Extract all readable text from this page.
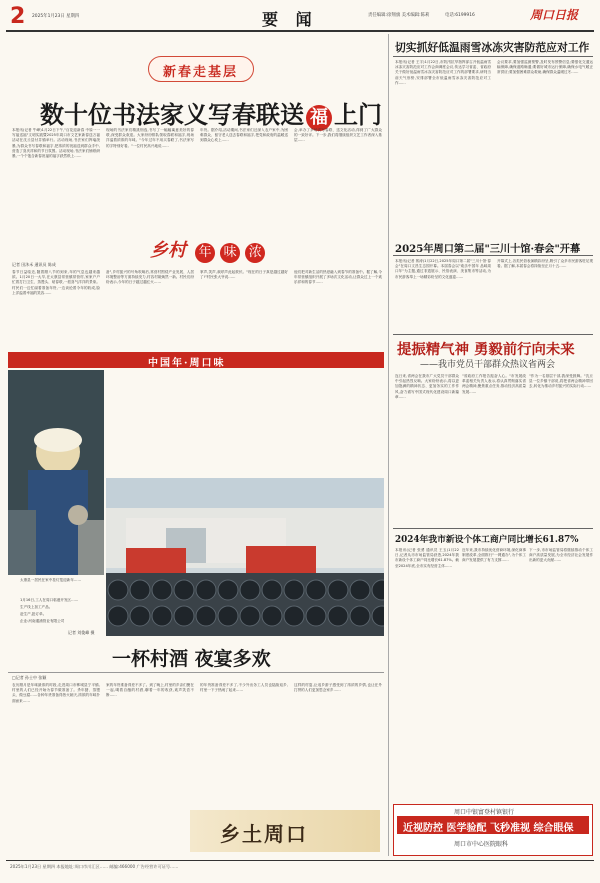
2 2025年1月23日 星期四	要 闻	责任编辑:徐翔旗 美术编辑:陈莉	电话:6199916	周口日报
新春走基层
数十位书法家义写春联送 福 上门
本报讯(记者 牛峰)1月22日下午,"百花迎新春 中原一一写福送福"文明实践暨2025年周口市文艺家新春送万福活动在沈丘县付井镇举行。活动现场,书法家们挥毫泼墨,为群众书写春联和福字,把浓浓的祝福送到群众手中,营造了喜庆祥和的节日氛围。活动现场,书法家们铺纸研墨,一个个饱含新春祝福的福字跃然纸上……
现场的书法家们精挑细选,书写了一幅幅寓意美好的春联,深受群众欢迎。大家纷纷排队领取春联和福字,现场洋溢着浓浓的年味。"今年过年不用买春联了,书法家写的字特别好看。"一位村民高兴地说……
年货。据介绍,活动期间,书法家们还深入农户家中,为困难群众、留守老人送去春联和福字,把党和政府的温暖送到群众心坎上……
会,举办了多场次写春联、送文化活动,得到了广大群众的一致好评。下一步,我们将继续组织文艺工作者深入基层……
乡村 年 味 浓
记者 田沐禾 通讯员 陈成
春节日益临近,随着腊八节的到来,年的气息也越来越浓。1月20日一大早,在太康县常营镇常营村,家家户户忙着打扫卫生、蒸馒头、贴春联,一派喜气洋洋的景象。村民们一边忙碌着准备年货,一边谈论着今年的收成,脸上洋溢着幸福的笑容……
备",乡村振兴的号角吹响后,常营村围绕产业发展、人居环境整治等方面持续发力,村容村貌焕然一新。村民们纷纷表示,今年的日子越过越红火……
掌声,笑声,欢呼声此起彼伏。"现在的日子真是越过越好了!"村民张大爷说……
他们把对新生活的热爱融入到春节的准备中。据了解,今年常营镇组织开展了多场次文化活动,让群众过上一个欢乐祥和的春节……
中国年·周口味
太康县一居民在家中挂灯笼迎新年……
1月16日,工人在周口临港开发区……
生产线上加工产品。
赶生产,抢订单。
企业:河南通浦管业有限公司
记者 刘俊峰 摄
一杯村酒 夜宴多欢
□记者 孙士中 张颖
农历腊月是年味最浓的时段,走进周口市郸城县宁平镇,村里的人们已经开始为春节做准备了。杀年猪、蒸馒头、做豆腐……各种年货准备得热火朝天,浓浓的年味扑面而来……
家的年货准备得差不多了。到了晚上,村里的乡亲们聚在一起,喝着自酿的村酒,聊着一年的收获,欢声笑语不断……
的年货准备得差不多了,不少外出务工人员也陆续返乡,村里一下子热闹了起来……
这样的村宴,让返乡游子感受到了浓浓的乡情,也让在外打拼的人们更加思念家乡……
乡土周口
切实抓好低温雨雪冰冻灾害防范应对工作
本报讯(记者 王宇)1月22日,市防汛抗旱指挥部召开低温雨雪冰冻灾害防范应对工作会商调度会议,传达学习省委、省政府关于做好低温雨雪冰冻灾害防范应对工作的部署要求,研判当前天气形势,安排部署全市低温雨雪冰冻灾害防范应对工作……
会议要求,要加强监测预警,及时发布预警信息;要强化交通运输保障,确保道路畅通;要做好城市运行保障,确保水电气暖正常供应;要加强困难群众救助,确保群众温暖过冬……
2025年周口第二届"三川十馆·春会"开幕
本报讯(记者 郭涛)1月22日,2025年周口第二届"三川十馆·春会"在周口文昌生态园开幕。本届春会以"欢乐中国年 品味周口年"为主题,通过非遗展示、民俗表演、美食集市等活动,为市民游客奉上一场精彩纷呈的文化盛宴……
开幕式上,各类民俗表演精彩纷呈,吸引了众多市民游客驻足观看。据了解,本届春会将持续至正月十五……
提振精气神 勇毅前行向未来
——我市党员干部群众热议省两会
连日来,省两会在我市广大党员干部群众中引起热烈反响。大家纷纷表示,将以更加饱满的精神状态、更加务实的工作作风,奋力谱写中国式现代化建设周口新篇章……
"省政府工作报告振奋人心。"市发展改革委相关负责人表示,将认真贯彻落实省两会精神,聚焦重点任务,推动经济高质量发展……
"作为一名基层干部,我深受鼓舞。"沈丘县一位乡镇干部说,将把省两会精神带回去,转化为推动乡村振兴的实际行动……
2024年我市新设个体工商户同比增长61.87%
本报讯(记者 张勇 通讯员 王玉)1月22日,记者从市市场监管局获悉,2024年我市新设个体工商户同比增长61.87%。截至2024年底,全市实有经营主体……
近年来,我市持续优化营商环境,深化商事制度改革,全面推行"一网通办",为个体工商户发展提供了有力支撑……
下一步,市市场监管局将继续推动个体工商户高质量发展,为全市经济社会发展作出新的更大贡献……
周口中银富登村镇银行
近视防控 医学验配 飞秒准视 综合眼保
周口市中心医院眼科
2025年1月23日 星期四 本报地址:周口市川汇区…… 邮编:466000 广告经营许可证号……
